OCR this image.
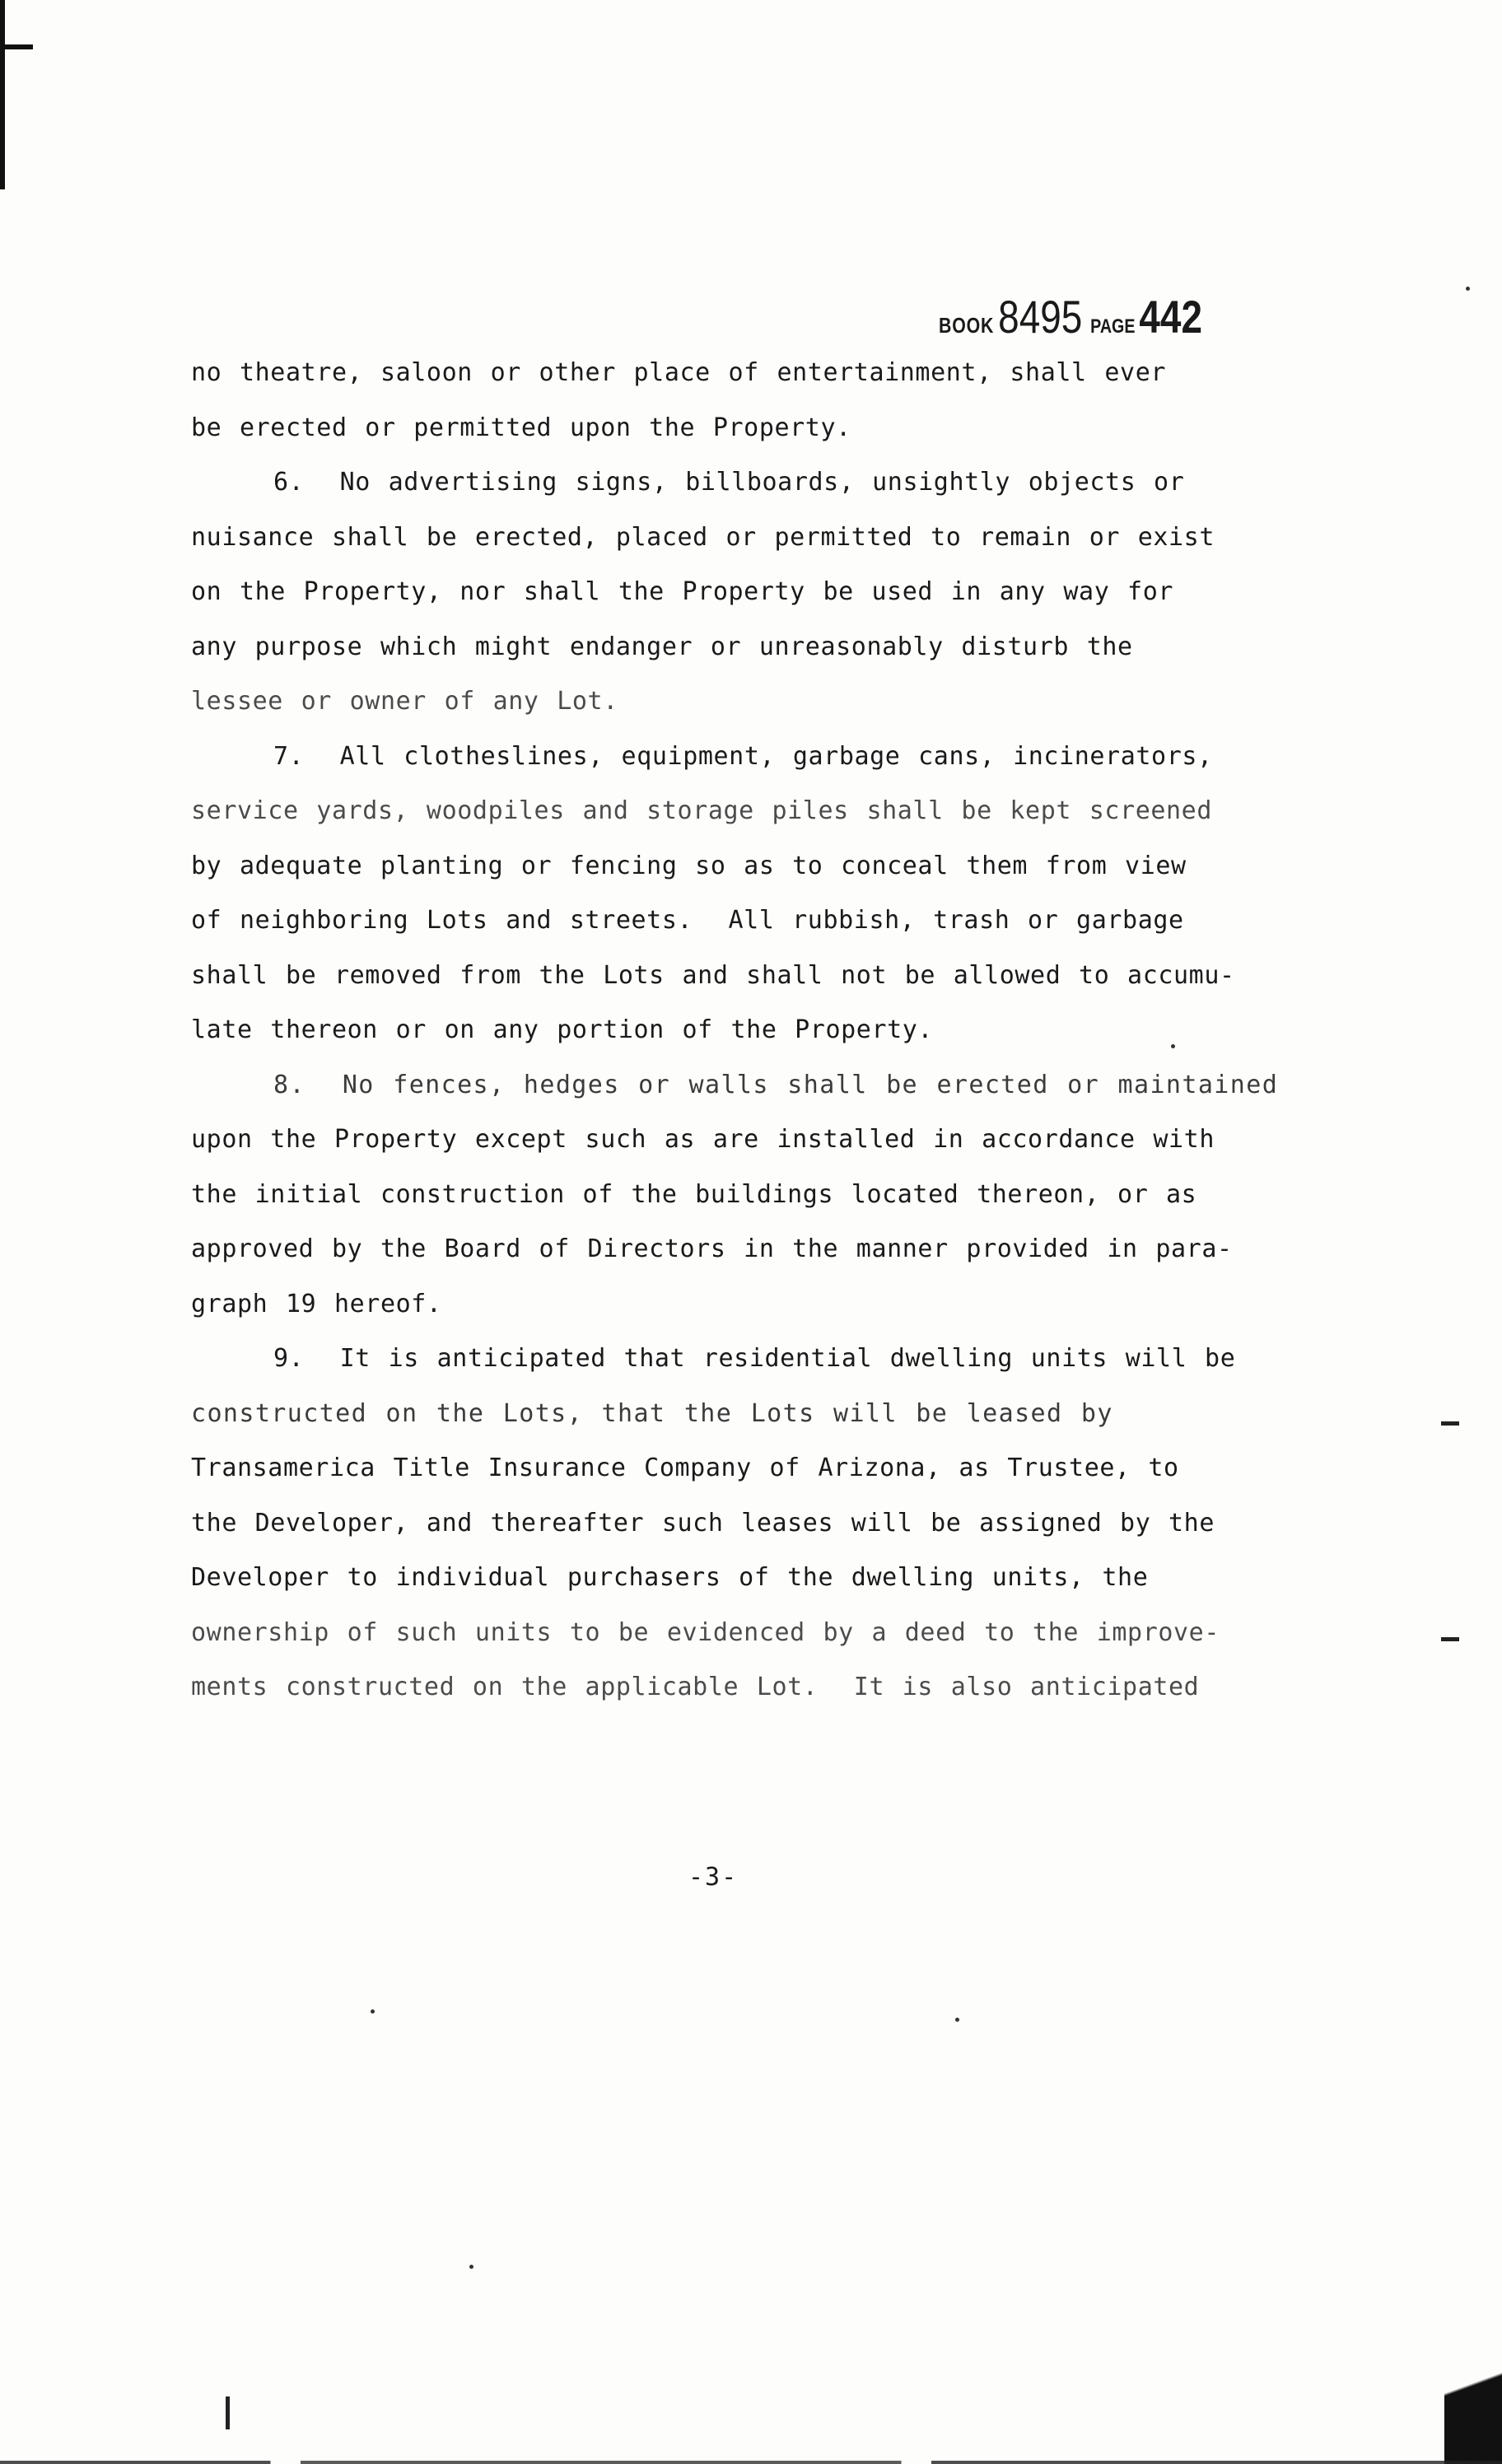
BOOK8495 PAGE442
no theatre, saloon or other place of entertainment, shall ever
be erected or permitted upon the Property.
6.  No advertising signs, billboards, unsightly objects or
nuisance shall be erected, placed or permitted to remain or exist
on the Property, nor shall the Property be used in any way for
any purpose which might endanger or unreasonably disturb the
lessee or owner of any Lot.
7.  All clotheslines, equipment, garbage cans, incinerators,
service yards, woodpiles and storage piles shall be kept screened
by adequate planting or fencing so as to conceal them from view
of neighboring Lots and streets.  All rubbish, trash or garbage
shall be removed from the Lots and shall not be allowed to accumu-
late thereon or on any portion of the Property.
8.  No fences, hedges or walls shall be erected or maintained
upon the Property except such as are installed in accordance with
the initial construction of the buildings located thereon, or as
approved by the Board of Directors in the manner provided in para-
graph 19 hereof.
9.  It is anticipated that residential dwelling units will be
constructed on the Lots, that the Lots will be leased by
Transamerica Title Insurance Company of Arizona, as Trustee, to
the Developer, and thereafter such leases will be assigned by the
Developer to individual purchasers of the dwelling units, the
ownership of such units to be evidenced by a deed to the improve-
ments constructed on the applicable Lot.  It is also anticipated
-3-
